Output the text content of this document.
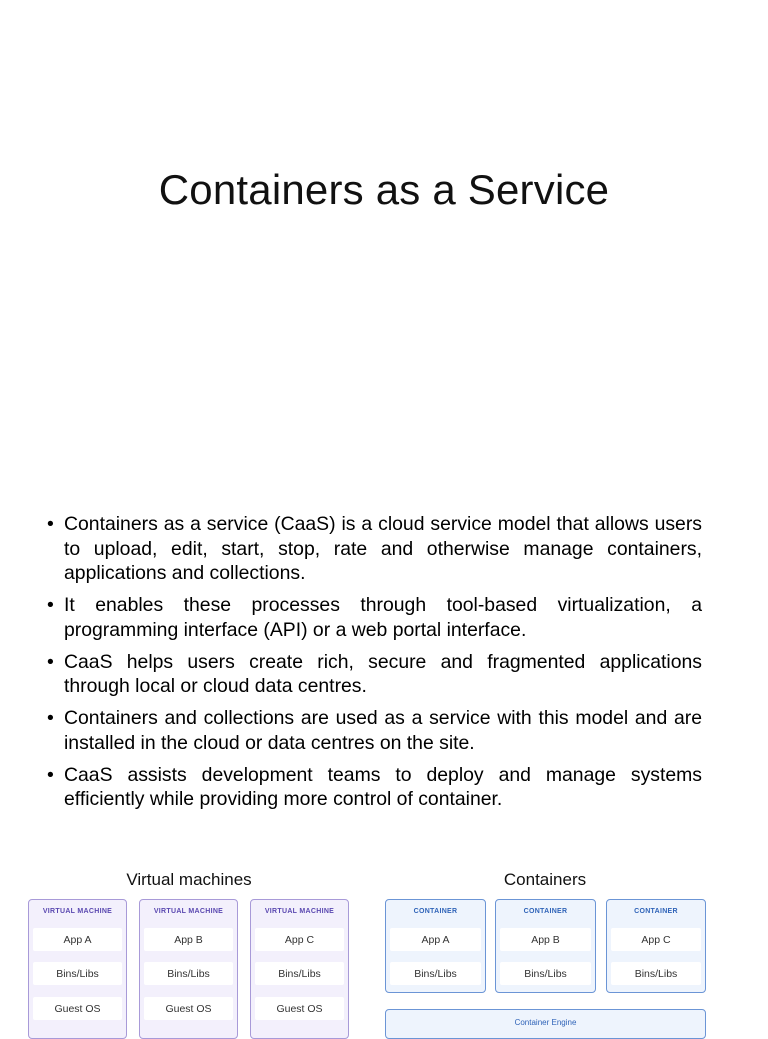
Containers as a Service
• Containers as a service (CaaS) is a cloud service model that allows users to upload, edit, start, stop, rate and otherwise manage containers, applications and collections.
• It enables these processes through tool-based virtualization, a programming interface (API) or a web portal interface.
• CaaS helps users create rich, secure and fragmented applications through local or cloud data centres.
• Containers and collections are used as a service with this model and are installed in the cloud or data centres on the site.
• CaaS assists development teams to deploy and manage systems efficiently while providing more control of container.
Virtual machines	Containers
VIRTUAL MACHINE
App A
Bins/Libs
Guest OS
VIRTUAL MACHINE
App B
Bins/Libs
Guest OS
VIRTUAL MACHINE
App C
Bins/Libs
Guest OS
CONTAINER
App A
Bins/Libs
CONTAINER
App B
Bins/Libs
CONTAINER
App C
Bins/Libs
Container Engine
